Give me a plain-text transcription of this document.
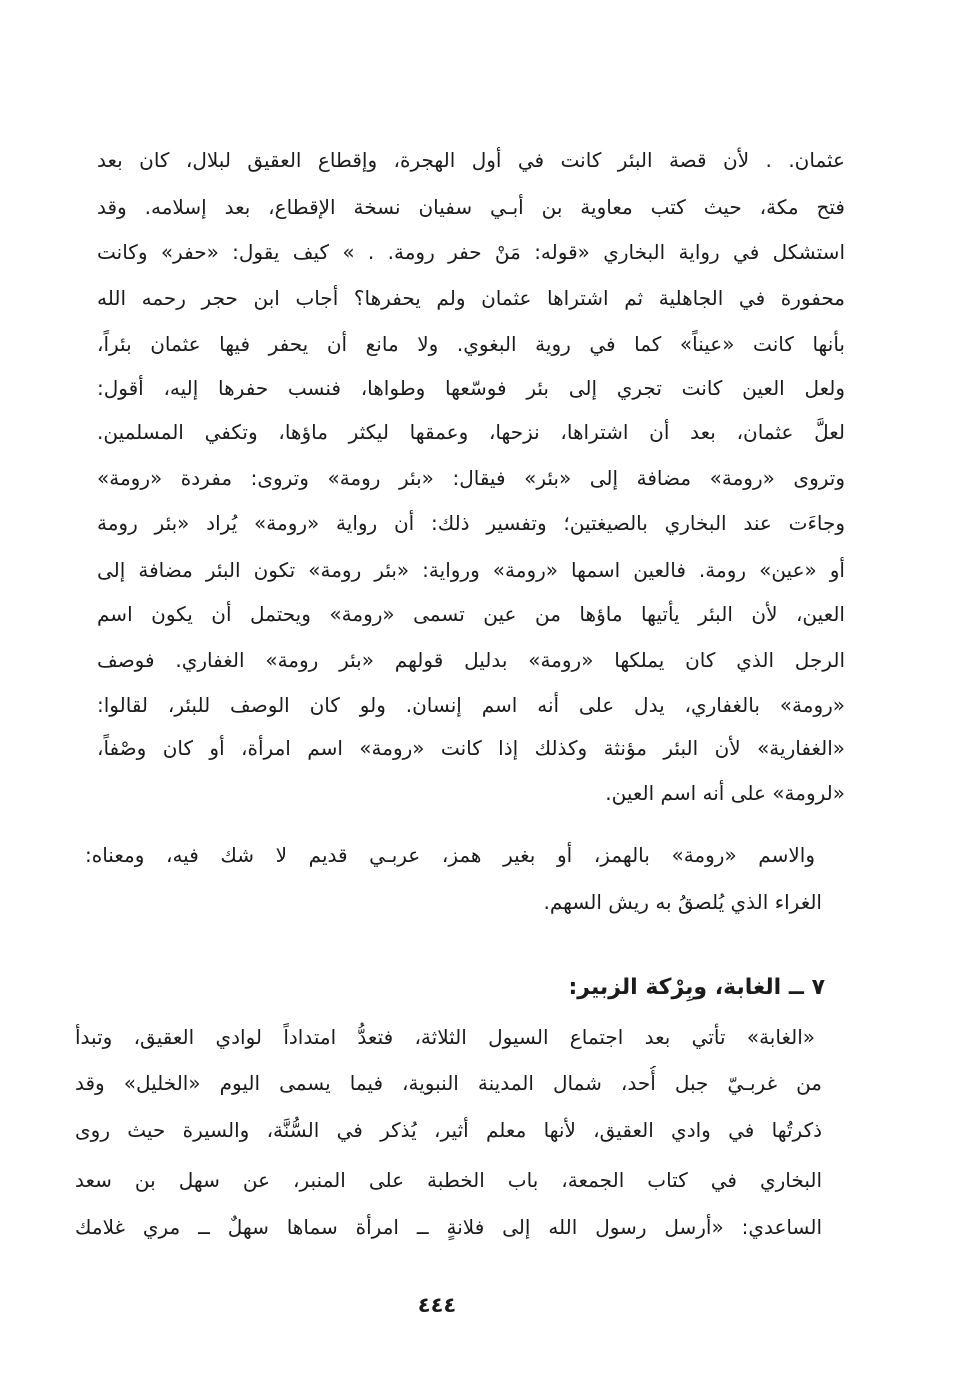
عثمان. . لأن قصة البئر كانت في أول الهجرة، وإقطاع العقيق لبلال، كان بعد
فتح مكة، حيث كتب معاوية بن أبـي سفيان نسخة الإقطاع، بعد إسلامه. وقد
استشكل في رواية البخاري «قوله: مَنْ حفر رومة. . » كيف يقول: «حفر» وكانت
محفورة في الجاهلية ثم اشتراها عثمان ولم يحفرها؟ أجاب ابن حجر رحمه الله
بأنها كانت «عيناً» كما في روية البغوي. ولا مانع أن يحفر فيها عثمان بئراً،
ولعل العين كانت تجري إلى بئر فوسّعها وطواها، فنسب حفرها إليه، أقول:
لعلَّ عثمان، بعد أن اشتراها، نزحها، وعمقها ليكثر ماؤها، وتكفي المسلمين.
وتروى «رومة» مضافة إلى «بئر» فيقال: «بئر رومة» وتروى: مفردة «رومة»
وجاءَت عند البخاري بالصيغتين؛ وتفسير ذلك: أن رواية «رومة» يُراد «بئر رومة
أو «عين» رومة. فالعين اسمها «رومة» ورواية: «بئر رومة» تكون البئر مضافة إلى
العين، لأن البئر يأتيها ماؤها من عين تسمى «رومة» ويحتمل أن يكون اسم
الرجل الذي كان يملكها «رومة» بدليل قولهم «بئر رومة» الغفاري. فوصف
«رومة» بالغفاري، يدل على أنه اسم إنسان. ولو كان الوصف للبئر، لقالوا:
«الغفارية» لأن البئر مؤنثة وكذلك إذا كانت «رومة» اسم امرأة، أو كان وصْفاً،
«لرومة» على أنه اسم العين.
والاسم «رومة» بالهمز، أو بغير همز، عربـي قديم لا شك فيه، ومعناه:
الغراء الذي يُلصقُ به ريش السهم.
٧ ــ الغابة، وبِرْكة الزبير:
«الغابة» تأتي بعد اجتماع السيول الثلاثة، فتعدُّ امتداداً لوادي العقيق، وتبدأ
من غربـيّ جبل أُحد، شمال المدينة النبوية، فيما يسمى اليوم «الخليل» وقد
ذكرتُها في وادي العقيق، لأنها معلم أثير، يُذكر في السُّنَّة، والسيرة حيث روى
البخاري في كتاب الجمعة، باب الخطبة على المنبر، عن سهل بن سعد
الساعدي: «أرسل رسول الله إلى فلانةٍ ــ امرأة سماها سهلٌ ــ مري غلامك
٤٤٤
